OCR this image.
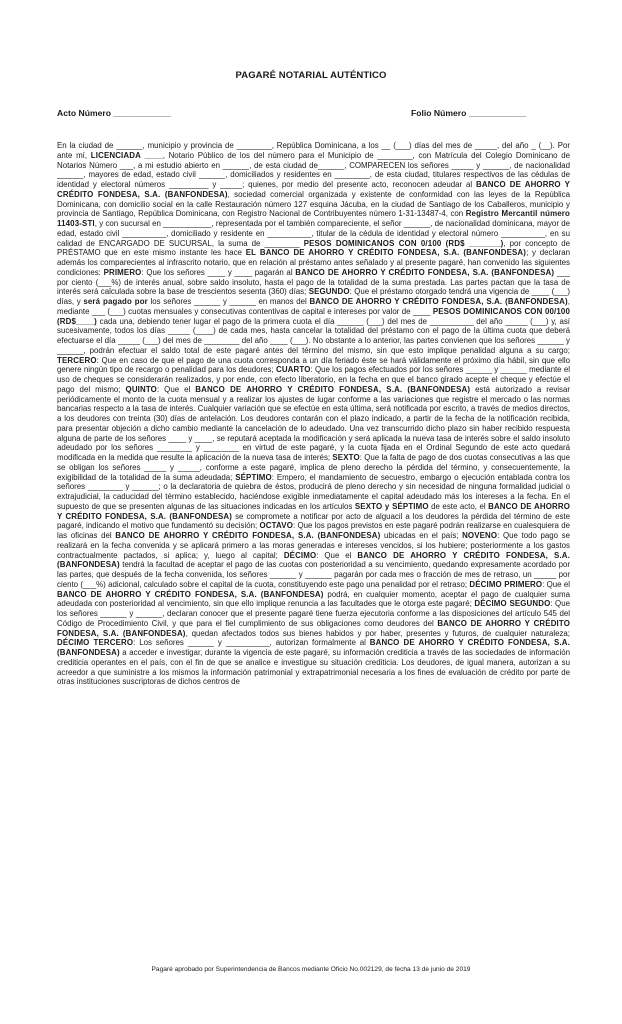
PAGARÉ NOTARIAL AUTÉNTICO
Acto Número ____________	Folio Número ____________

En la ciudad de ______, municipio y provincia de ________, República Dominicana, a los __ (___) días del mes de _____, del año _ (__). Por ante mí, LICENCIADA ____, Notario Público de los del número para el Municipio de ________, con Matrícula del Colegio Dominicano de Notarios Número ___, a mi estudio abierto en ______, de esta ciudad de______, COMPARECEN los señores _____ y ______, de nacionalidad ______, mayores de edad, estado civil ______, domiciliados y residentes en ________, de esta ciudad, titulares respectivos de las cédulas de identidad y electoral números _________ y _____; quienes, por medio del presente acto, reconocen adeudar al BANCO DE AHORRO Y CRÉDITO FONDESA, S.A. (BANFONDESA), sociedad comercial organizada y existente de conformidad con las leyes de la República Dominicana, con domicilio social en la calle Restauración número 127 esquina Jácuba, en la ciudad de Santiago de los Caballeros, municipio y provincia de Santiago, República Dominicana, con Registro Nacional de Contribuyentes número 1-31-13487-4, con Registro Mercantil número 11403-STI, y con sucursal en ___________, representada por el también compareciente, el señor ______, de nacionalidad dominicana, mayor de edad, estado civil __________, domiciliado y residente en __________, titular de la cédula de identidad y electoral número __________, en su calidad de ENCARGADO DE SUCURSAL, la suma de ________ PESOS DOMINICANOS CON 0/100 (RD$ _______), por concepto de PRÉSTAMO que en este mismo instante les hace EL BANCO DE AHORRO Y CRÉDITO FONDESA, S.A. (BANFONDESA); y declaran además los comparecientes al infrascrito notario, que en relación al préstamo antes señalado y al presente pagaré, han convenido las siguientes condiciones: PRIMERO: Que los señores ____ y ____ pagarán al BANCO DE AHORRO Y CRÉDITO FONDESA, S.A. (BANFONDESA) ___ por ciento (___%) de interés anual, sobre saldo insoluto, hasta el pago de la totalidad de la suma prestada. Las partes pactan que la tasa de interés será calculada sobre la base de trescientos sesenta (360) días; SEGUNDO: Que el préstamo otorgado tendrá una vigencia de ____ (___) días, y será pagado por los señores ______ y ______ en manos del BANCO DE AHORRO Y CRÉDITO FONDESA, S.A. (BANFONDESA), mediante ___ (___) cuotas mensuales y consecutivas contentivas de capital e intereses por valor de ____ PESOS DOMINICANOS CON 00/100 (RD$____) cada una, debiendo tener lugar el pago de la primera cuota el día ______ (___) del mes de __________ del año _____ (___) y, así sucesivamente, todos los días _____ (____) de cada mes, hasta cancelar la totalidad del préstamo con el pago de la última cuota que deberá efectuarse el día _____ (___) del mes de ________ del año ____ (___). No obstante a lo anterior, las partes convienen que los señores ______ y ______, podrán efectuar el saldo total de este pagaré antes del término del mismo, sin que esto implique penalidad alguna a su cargo; TERCERO: Que en caso de que el pago de una cuota corresponda a un día feriado éste se hará válidamente el próximo día hábil, sin que ello genere ningún tipo de recargo o penalidad para los deudores; CUARTO: Que los pagos efectuados por los señores ______ y ______ mediante el uso de cheques se considerarán realizados, y por ende, con efecto liberatorio, en la fecha en que el banco girado acepte el cheque y efectúe el pago del mismo; QUINTO: Que el BANCO DE AHORRO Y CRÉDITO FONDESA, S.A. (BANFONDESA) está autorizado a revisar periódicamente el monto de la cuota mensual y a realizar los ajustes de lugar conforme a las variaciones que registre el mercado o las normas bancarias respecto a la tasa de interés. Cualquier variación que se efectúe en esta última, será notificada por escrito, a través de medios directos, a los deudores con treinta (30) días de antelación. Los deudores contarán con el plazo indicado, a partir de la fecha de la notificación recibida, para presentar objeción a dicho cambio mediante la cancelación de lo adeudado. Una vez transcurrido dicho plazo sin haber recibido respuesta alguna de parte de los señores ____ y ____, se reputará aceptada la modificación y será aplicada la nueva tasa de interés sobre el saldo insoluto adeudado por los señores ________ y ________ en virtud de este pagaré, y la cuota fijada en el Ordinal Segundo de este acto quedará modificada en la medida que resulte la aplicación de la nueva tasa de interés; SEXTO: Que la falta de pago de dos cuotas consecutivas a las que se obligan los señores _____ y _____, conforme a este pagaré, implica de pleno derecho la pérdida del término, y consecuentemente, la exigibilidad de la totalidad de la suma adeudada; SÉPTIMO: Empero, el mandamiento de secuestro, embargo o ejecución entablada contra los señores ________ y ______; o la declaratoria de quiebra de éstos, producirá de pleno derecho y sin necesidad de ninguna formalidad judicial o extrajudicial, la caducidad del término establecido, haciéndose exigible inmediatamente el capital adeudado más los intereses a la fecha. En el supuesto de que se presenten algunas de las situaciones indicadas en los artículos SEXTO y SÉPTIMO de este acto, el BANCO DE AHORRO Y CRÉDITO FONDESA, S.A. (BANFONDESA) se compromete a notificar por acto de alguacil a los deudores la pérdida del término de este pagaré, indicando el motivo que fundamentó su decisión; OCTAVO: Que los pagos previstos en este pagaré podrán realizarse en cualesquiera de las oficinas del BANCO DE AHORRO Y CRÉDITO FONDESA, S.A. (BANFONDESA) ubicadas en el país; NOVENO: Que todo pago se realizará en la fecha convenida y se aplicará primero a las moras generadas e intereses vencidos, si los hubiere; posteriormente a los gastos contractualmente pactados, si aplica; y, luego al capital; DÉCIMO: Que el BANCO DE AHORRO Y CRÉDITO FONDESA, S.A. (BANFONDESA) tendrá la facultad de aceptar el pago de las cuotas con posterioridad a su vencimiento, quedando expresamente acordado por las partes, que después de la fecha convenida, los señores ______ y ______ pagarán por cada mes o fracción de mes de retraso, un _____ por ciento (___%) adicional, calculado sobre el capital de la cuota, constituyendo este pago una penalidad por el retraso; DÉCIMO PRIMERO: Que el BANCO DE AHORRO Y CRÉDITO FONDESA, S.A. (BANFONDESA) podrá, en cualquier momento, aceptar el pago de cualquier suma adeudada con posterioridad al vencimiento, sin que ello implique renuncia a las facultades que le otorga este pagaré; DÉCIMO SEGUNDO: Que los señores ______ y ______, declaran conocer que el presente pagaré tiene fuerza ejecutoria conforme a las disposiciones del artículo 545 del Código de Procedimiento Civil, y que para el fiel cumplimiento de sus obligaciones como deudores del BANCO DE AHORRO Y CRÉDITO FONDESA, S.A. (BANFONDESA), quedan afectados todos sus bienes habidos y por haber, presentes y futuros, de cualquier naturaleza; DÉCIMO TERCERO: Los señores ______ y __________, autorizan formalmente al BANCO DE AHORRO Y CRÉDITO FONDESA, S.A. (BANFONDESA) a acceder e investigar, durante la vigencia de este pagaré, su información crediticia a través de las sociedades de información crediticia operantes en el país, con el fin de que se analice e investigue su situación crediticia. Los deudores, de igual manera, autorizan a su acreedor a que suministre a los mismos la información patrimonial y extrapatrimonial necesaria a los fines de evaluación de crédito por parte de otras instituciones suscriptoras de dichos centros de

Pagaré aprobado por Superintendencia de Bancos mediante Oficio No.002129, de fecha 13 de junio de 2019
